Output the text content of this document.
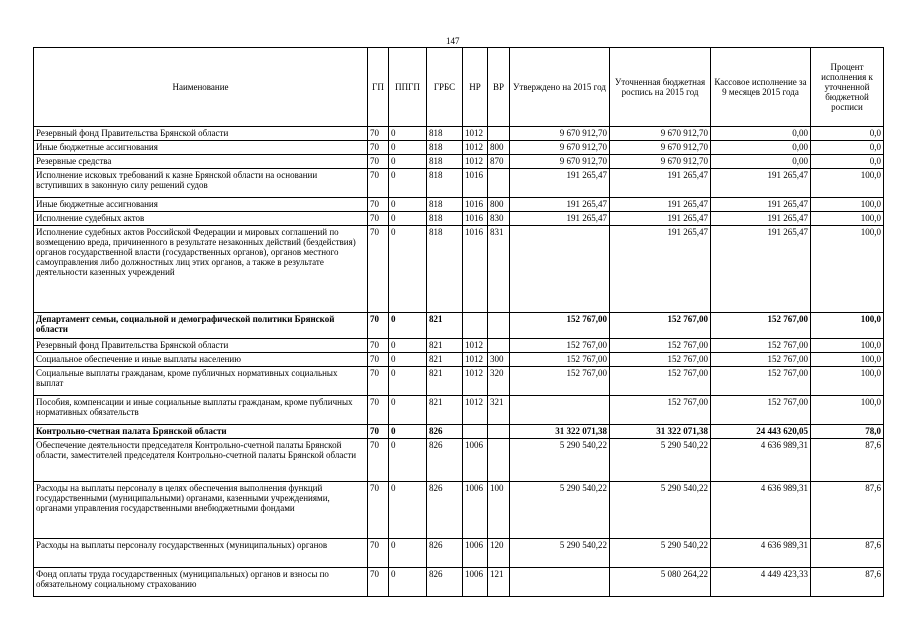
147
Наименование	ГП	ППГП	ГРБС	НР	ВР	Утверждено на 2015 год	Уточненная бюджетная роспись на 2015 год	Кассовое исполнение за 9 месяцев 2015 года	Процент исполнения к уточненной бюджетной росписи
Резервный фонд Правительства Брянской области	70	0	818	1012		9 670 912,70	9 670 912,70	0,00	0,0
Иные бюджетные ассигнования	70	0	818	1012	800	9 670 912,70	9 670 912,70	0,00	0,0
Резервные средства	70	0	818	1012	870	9 670 912,70	9 670 912,70	0,00	0,0
Исполнение исковых требований к казне Брянской области на основании вступивших в законную силу решений судов	70	0	818	1016		191 265,47	191 265,47	191 265,47	100,0
Иные бюджетные ассигнования	70	0	818	1016	800	191 265,47	191 265,47	191 265,47	100,0
Исполнение судебных актов	70	0	818	1016	830	191 265,47	191 265,47	191 265,47	100,0
Исполнение судебных актов Российской Федерации и мировых соглашений по возмещению вреда, причиненного в результате незаконных действий (бездействия) органов государственной власти (государственных органов), органов местного самоуправления либо должностных лиц этих органов, а также в результате деятельности казенных учреждений	70	0	818	1016	831		191 265,47	191 265,47	100,0
Департамент семьи, социальной и демографической политики Брянской области	70	0	821			152 767,00	152 767,00	152 767,00	100,0
Резервный фонд Правительства Брянской области	70	0	821	1012		152 767,00	152 767,00	152 767,00	100,0
Социальное обеспечение и иные выплаты населению	70	0	821	1012	300	152 767,00	152 767,00	152 767,00	100,0
Социальные выплаты гражданам, кроме публичных нормативных социальных выплат	70	0	821	1012	320	152 767,00	152 767,00	152 767,00	100,0
Пособия, компенсации и иные социальные выплаты гражданам, кроме публичных нормативных обязательств	70	0	821	1012	321		152 767,00	152 767,00	100,0
Контрольно-счетная палата Брянской области	70	0	826			31 322 071,38	31 322 071,38	24 443 620,05	78,0
Обеспечение деятельности председателя Контрольно-счетной палаты Брянской области, заместителей председателя Контрольно-счетной палаты Брянской области	70	0	826	1006		5 290 540,22	5 290 540,22	4 636 989,31	87,6
Расходы на выплаты персоналу в целях обеспечения выполнения функций государственными (муниципальными) органами, казенными учреждениями, органами управления государственными внебюджетными фондами	70	0	826	1006	100	5 290 540,22	5 290 540,22	4 636 989,31	87,6
Расходы на выплаты персоналу государственных (муниципальных) органов	70	0	826	1006	120	5 290 540,22	5 290 540,22	4 636 989,31	87,6
Фонд оплаты труда государственных (муниципальных) органов и взносы по обязательному социальному страхованию	70	0	826	1006	121		5 080 264,22	4 449 423,33	87,6
